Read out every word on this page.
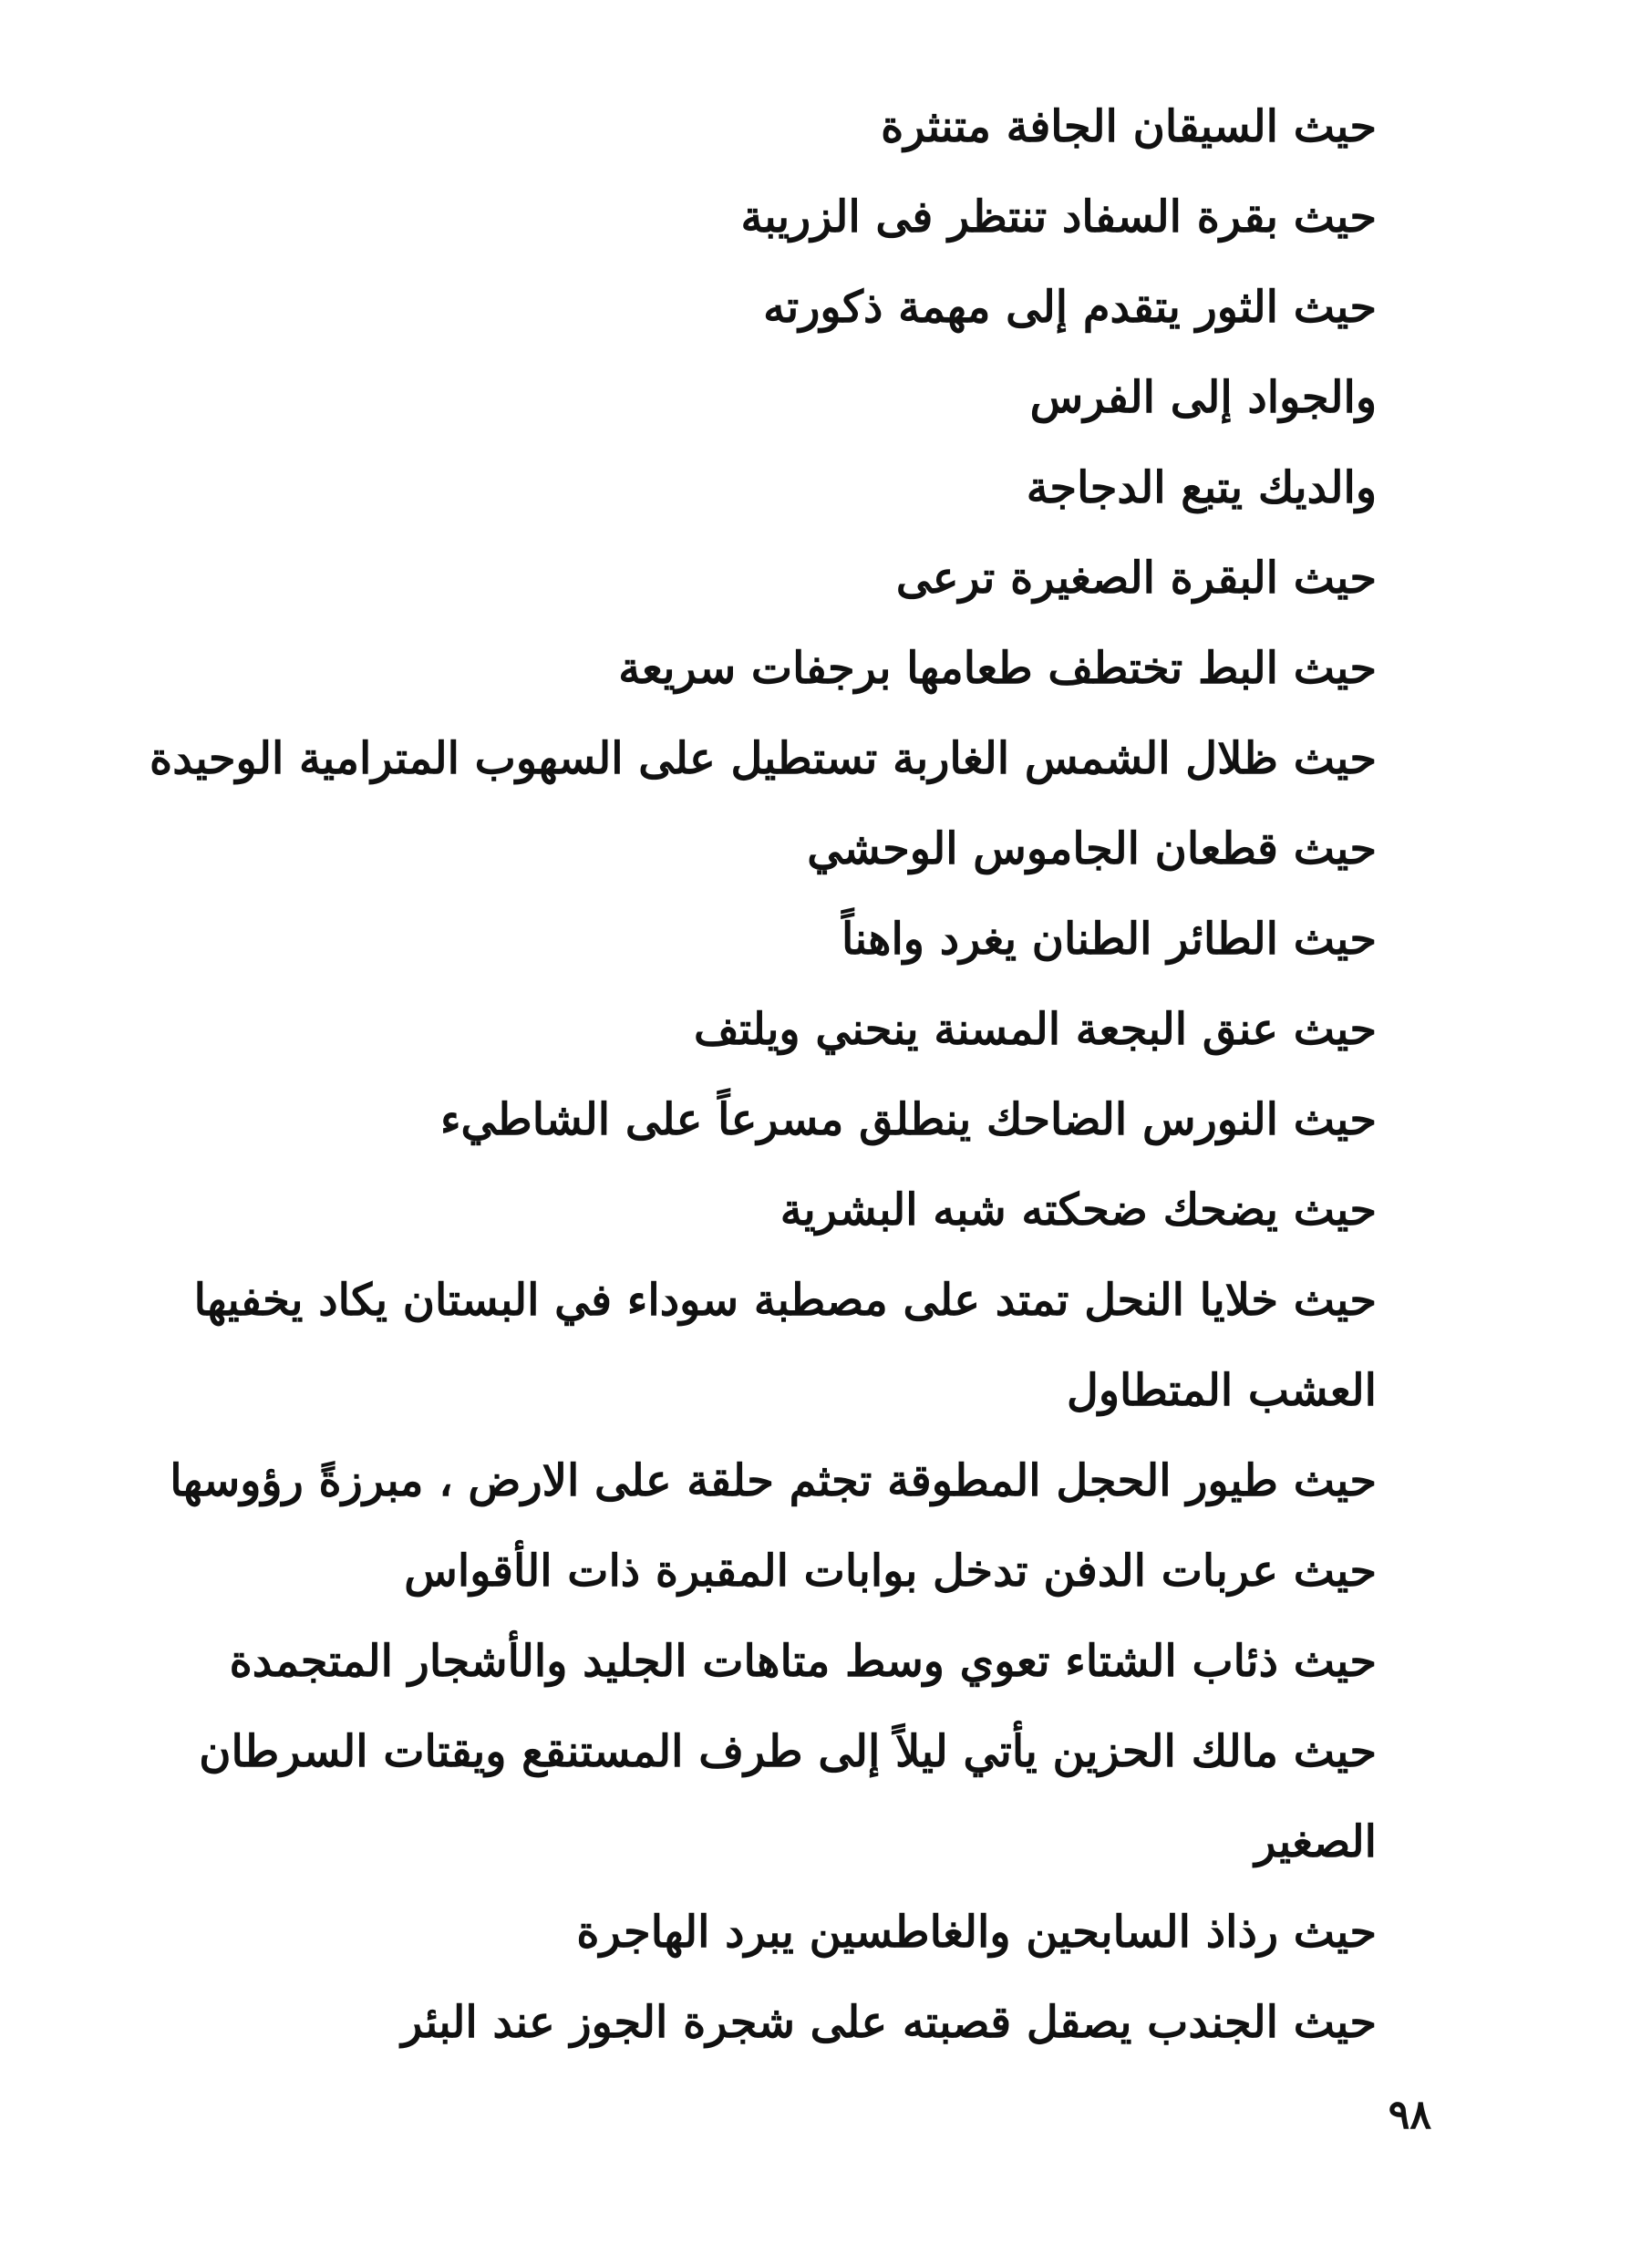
حيث السيقان الجافة متنثرة
حيث بقرة السفاد تنتظر فى الزريبة
حيث الثور يتقدم إلى مهمة ذكورته
والجواد إلى الفرس
والديك يتبع الدجاجة
حيث البقرة الصغيرة ترعى
حيث البط تختطف طعامها برجفات سريعة
حيث ظلال الشمس الغاربة تستطيل على السهوب المترامية الوحيدة
حيث قطعان الجاموس الوحشي
حيث الطائر الطنان يغرد واهناً
حيث عنق البجعة المسنة ينحني ويلتف
حيث النورس الضاحك ينطلق مسرعاً على الشاطيء
حيث يضحك ضحكته شبه البشرية
حيث خلايا النحل تمتد على مصطبة سوداء في البستان يكاد يخفيها
العشب المتطاول
حيث طيور الحجل المطوقة تجثم حلقة على الارض ، مبرزةً رؤوسها
حيث عربات الدفن تدخل بوابات المقبرة ذات الأقواس
حيث ذئاب الشتاء تعوي وسط متاهات الجليد والأشجار المتجمدة
حيث مالك الحزين يأتي ليلاً إلى طرف المستنقع ويقتات السرطان
الصغير
حيث رذاذ السابحين والغاطسين يبرد الهاجرة
حيث الجندب يصقل قصبته على شجرة الجوز عند البئر
٩٨
